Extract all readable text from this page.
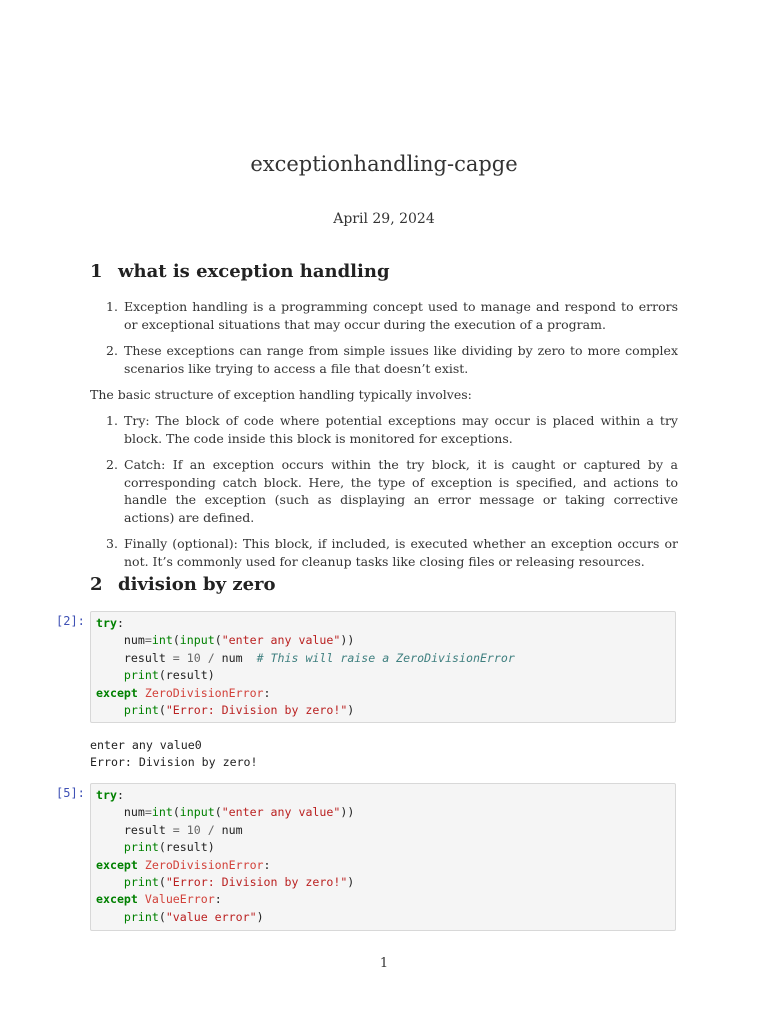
exceptionhandling-capge
April 29, 2024
1 what is exception handling
1. Exception handling is a programming concept used to manage and respond to errors or exceptional situations that may occur during the execution of a program.
2. These exceptions can range from simple issues like dividing by zero to more complex scenarios like trying to access a file that doesn’t exist.
The basic structure of exception handling typically involves:
1. Try: The block of code where potential exceptions may occur is placed within a try block. The code inside this block is monitored for exceptions.
2. Catch: If an exception occurs within the try block, it is caught or captured by a corresponding catch block. Here, the type of exception is specified, and actions to handle the exception (such as displaying an error message or taking corrective actions) are defined.
3. Finally (optional): This block, if included, is executed whether an exception occurs or not. It’s commonly used for cleanup tasks like closing files or releasing resources.
2 division by zero
[2]: try:
num=int(input("enter any value"))
result = 10 / num  # This will raise a ZeroDivisionError
print(result)
except ZeroDivisionError:
print("Error: Division by zero!")
enter any value0
Error: Division by zero!
[5]: try:
num=int(input("enter any value"))
result = 10 / num
print(result)
except ZeroDivisionError:
print("Error: Division by zero!")
except ValueError:
print("value error")
1
